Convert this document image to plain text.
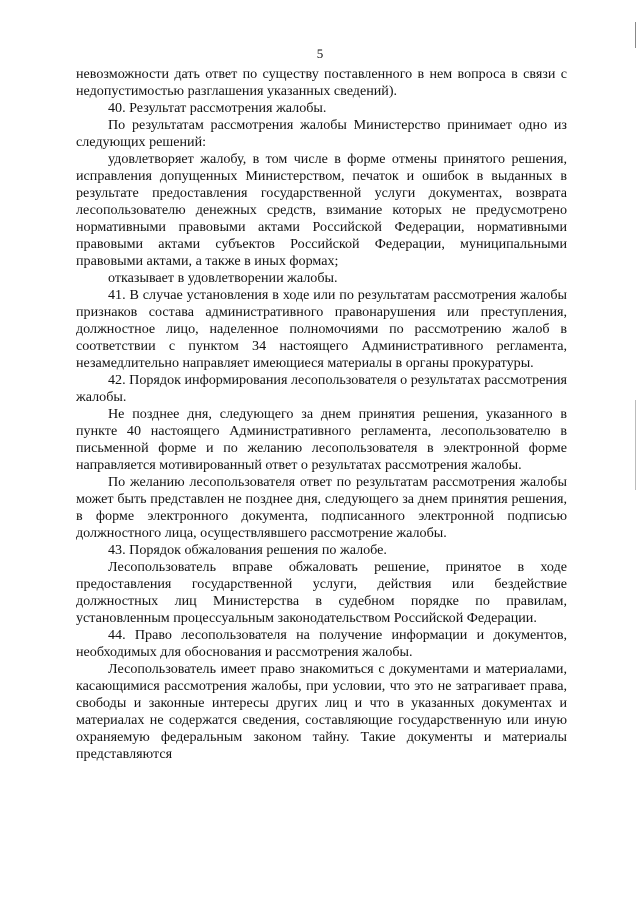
5

невозможности дать ответ по существу поставленного в нем вопроса в связи с недопустимостью разглашения указанных сведений).

40. Результат рассмотрения жалобы.

По результатам рассмотрения жалобы Министерство принимает одно из следующих решений:

удовлетворяет жалобу, в том числе в форме отмены принятого решения, исправления допущенных Министерством, печаток и ошибок в выданных в результате предоставления государственной услуги документах, возврата лесопользователю денежных средств, взимание которых не предусмотрено нормативными правовыми актами Российской Федерации, нормативными правовыми актами субъектов Российской Федерации, муниципальными правовыми актами, а также в иных формах;

отказывает в удовлетворении жалобы.

41. В случае установления в ходе или по результатам рассмотрения жалобы признаков состава административного правонарушения или преступления, должностное лицо, наделенное полномочиями по рассмотрению жалоб в соответствии с пунктом 34 настоящего Административного регламента, незамедлительно направляет имеющиеся материалы в органы прокуратуры.

42. Порядок информирования лесопользователя о результатах рассмотрения жалобы.

Не позднее дня, следующего за днем принятия решения, указанного в пункте 40 настоящего Административного регламента, лесопользователю в письменной форме и по желанию лесопользователя в электронной форме направляется мотивированный ответ о результатах рассмотрения жалобы.

По желанию лесопользователя ответ по результатам рассмотрения жалобы может быть представлен не позднее дня, следующего за днем принятия решения, в форме электронного документа, подписанного электронной подписью должностного лица, осуществлявшего рассмотрение жалобы.

43. Порядок обжалования решения по жалобе.

Лесопользователь вправе обжаловать решение, принятое в ходе предоставления государственной услуги, действия или бездействие должностных лиц Министерства в судебном порядке по правилам, установленным процессуальным законодательством Российской Федерации.

44. Право лесопользователя на получение информации и документов, необходимых для обоснования и рассмотрения жалобы.

Лесопользователь имеет право знакомиться с документами и материалами, касающимися рассмотрения жалобы, при условии, что это не затрагивает права, свободы и законные интересы других лиц и что в указанных документах и материалах не содержатся сведения, составляющие государственную или иную охраняемую федеральным законом тайну. Такие документы и материалы представляются
